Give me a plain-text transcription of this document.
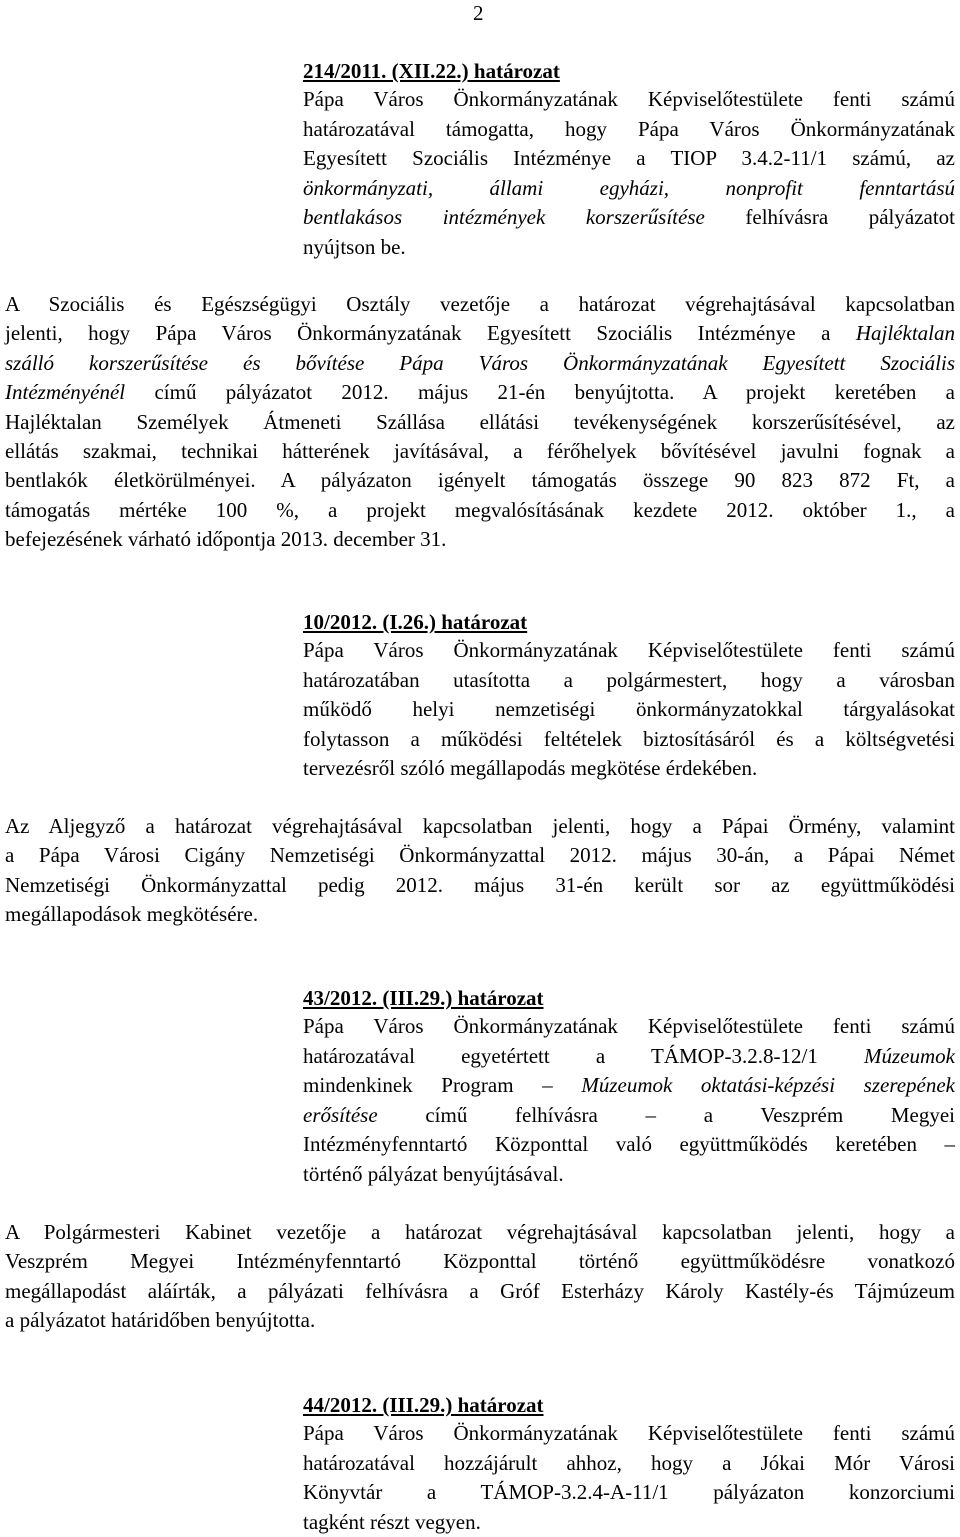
2
214/2011. (XII.22.) határozat
Pápa Város Önkormányzatának Képviselőtestülete fenti számú
határozatával támogatta, hogy Pápa Város Önkormányzatának
Egyesített Szociális Intézménye a TIOP 3.4.2-11/1 számú, az
önkormányzati, állami egyházi, nonprofit fenntartású
bentlakásos intézmények korszerűsítése felhívásra pályázatot
nyújtson be.
A Szociális és Egészségügyi Osztály vezetője a határozat végrehajtásával kapcsolatban
jelenti, hogy Pápa Város Önkormányzatának Egyesített Szociális Intézménye a Hajléktalan
szálló korszerűsítése és bővítése Pápa Város Önkormányzatának Egyesített Szociális
Intézményénél című pályázatot 2012. május 21-én benyújtotta. A projekt keretében a
Hajléktalan Személyek Átmeneti Szállása ellátási tevékenységének korszerűsítésével, az
ellátás szakmai, technikai hátterének javításával, a férőhelyek bővítésével javulni fognak a
bentlakók életkörülményei. A pályázaton igényelt támogatás összege 90 823 872 Ft, a
támogatás mértéke 100 %, a projekt megvalósításának kezdete 2012. október 1., a
befejezésének várható időpontja 2013. december 31.
10/2012. (I.26.) határozat
Pápa Város Önkormányzatának Képviselőtestülete fenti számú
határozatában utasította a polgármestert, hogy a városban
működő helyi nemzetiségi önkormányzatokkal tárgyalásokat
folytasson a működési feltételek biztosításáról és a költségvetési
tervezésről szóló megállapodás megkötése érdekében.
Az Aljegyző a határozat végrehajtásával kapcsolatban jelenti, hogy a Pápai Örmény, valamint
a Pápa Városi Cigány Nemzetiségi Önkormányzattal 2012. május 30-án, a Pápai Német
Nemzetiségi Önkormányzattal pedig 2012. május 31-én került sor az együttműködési
megállapodások megkötésére.
43/2012. (III.29.) határozat
Pápa Város Önkormányzatának Képviselőtestülete fenti számú
határozatával egyetértett a TÁMOP-3.2.8-12/1 Múzeumok
mindenkinek Program – Múzeumok oktatási-képzési szerepének
erősítése című felhívásra – a Veszprém Megyei
Intézményfenntartó Központtal való együttműködés keretében –
történő pályázat benyújtásával.
A Polgármesteri Kabinet vezetője a határozat végrehajtásával kapcsolatban jelenti, hogy a
Veszprém Megyei Intézményfenntartó Központtal történő együttműködésre vonatkozó
megállapodást aláírták, a pályázati felhívásra a Gróf Esterházy Károly Kastély-és Tájmúzeum
a pályázatot határidőben benyújtotta.
44/2012. (III.29.) határozat
Pápa Város Önkormányzatának Képviselőtestülete fenti számú
határozatával hozzájárult ahhoz, hogy a Jókai Mór Városi
Könyvtár a TÁMOP-3.2.4-A-11/1 pályázaton konzorciumi
tagként részt vegyen.
